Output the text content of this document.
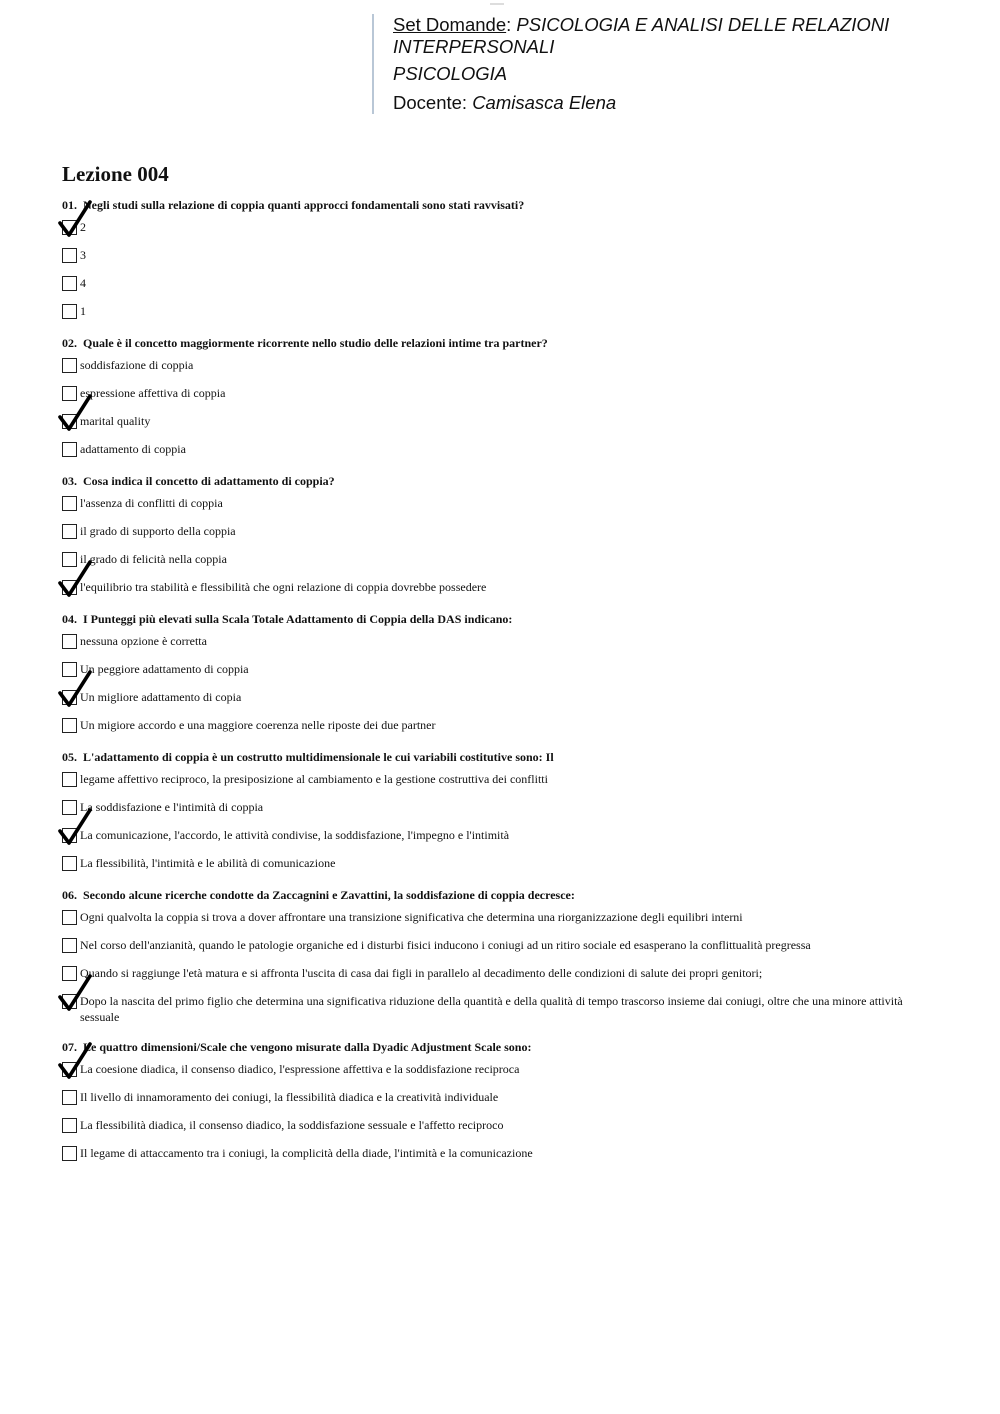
Set Domande: PSICOLOGIA E ANALISI DELLE RELAZIONI INTERPERSONALI
PSICOLOGIA
Docente: Camisasca Elena
Lezione 004
01. Negli studi sulla relazione di coppia quanti approcci fondamentali sono stati ravvisati?
2
3
4
1
02. Quale è il concetto maggiormente ricorrente nello studio delle relazioni intime tra partner?
soddisfazione di coppia
espressione affettiva di coppia
marital quality
adattamento di coppia
03. Cosa indica il concetto di adattamento di coppia?
l'assenza di conflitti di coppia
il grado di supporto della coppia
il grado di felicità nella coppia
l'equilibrio tra stabilità e flessibilità che ogni relazione di coppia dovrebbe possedere
04. I Punteggi più elevati sulla Scala Totale Adattamento di Coppia della DAS indicano:
nessuna opzione è corretta
Un peggiore adattamento di coppia
Un migliore adattamento di copia
Un migiore accordo e una maggiore coerenza nelle riposte dei due partner
05. L'adattamento di coppia è un costrutto multidimensionale le cui variabili costitutive sono: Il
legame affettivo reciproco, la presiposizione al cambiamento e la gestione costruttiva dei conflitti
La soddisfazione e l'intimità di coppia
La comunicazione, l'accordo, le attività condivise, la soddisfazione, l'impegno e l'intimità
La flessibilità, l'intimità e le abilità di comunicazione
06. Secondo alcune ricerche condotte da Zaccagnini e Zavattini, la soddisfazione di coppia decresce:
Ogni qualvolta la coppia si trova a dover affrontare una transizione significativa che determina una riorganizzazione degli equilibri interni
Nel corso dell'anzianità, quando le patologie organiche ed i disturbi fisici inducono i coniugi ad un ritiro sociale ed esasperano la conflittualità pregressa
Quando si raggiunge l'età matura e si affronta l'uscita di casa dai figli in parallelo al decadimento delle condizioni di salute dei propri genitori;
Dopo la nascita del primo figlio che determina una significativa riduzione della quantità e della qualità di tempo trascorso insieme dai coniugi, oltre che una minore attività sessuale
07. Le quattro dimensioni/Scale che vengono misurate dalla Dyadic Adjustment Scale sono:
La coesione diadica, il consenso diadico, l'espressione affettiva e la soddisfazione reciproca
Il livello di innamoramento dei coniugi, la flessibilità diadica e la creatività individuale
La flessibilità diadica, il consenso diadico, la soddisfazione sessuale e l'affetto reciproco
Il legame di attaccamento tra i coniugi, la complicità della diade, l'intimità e la comunicazione
